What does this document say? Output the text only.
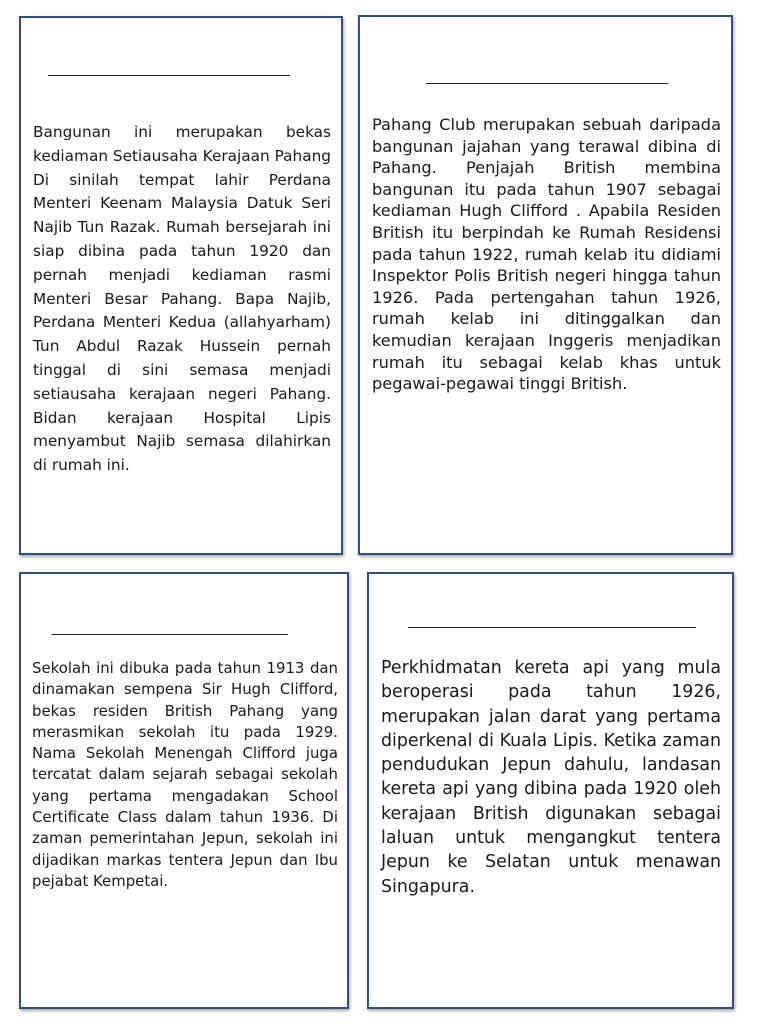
Bangunan ini merupakan bekas kediaman Setiausaha Kerajaan Pahang Di sinilah tempat lahir Perdana Menteri Keenam Malaysia Datuk Seri Najib Tun Razak. Rumah bersejarah ini siap dibina pada tahun 1920 dan pernah menjadi kediaman rasmi Menteri Besar Pahang. Bapa Najib, Perdana Menteri Kedua (allahyarham) Tun Abdul Razak Hussein pernah tinggal di sini semasa menjadi setiausaha kerajaan negeri Pahang. Bidan kerajaan Hospital Lipis menyambut Najib semasa dilahirkan di rumah ini.

Pahang Club merupakan sebuah daripada bangunan jajahan yang terawal dibina di Pahang. Penjajah British membina bangunan itu pada tahun 1907 sebagai kediaman Hugh Clifford . Apabila Residen British itu berpindah ke Rumah Residensi pada tahun 1922, rumah kelab itu didiami Inspektor Polis British negeri hingga tahun 1926. Pada pertengahan tahun 1926, rumah kelab ini ditinggalkan dan kemudian kerajaan Inggeris menjadikan rumah itu sebagai kelab khas untuk pegawai-pegawai tinggi British.

Sekolah ini dibuka pada tahun 1913 dan dinamakan sempena Sir Hugh Clifford, bekas residen British Pahang yang merasmikan sekolah itu pada 1929. Nama Sekolah Menengah Clifford juga tercatat dalam sejarah sebagai sekolah yang pertama mengadakan School Certificate Class dalam tahun 1936. Di zaman pemerintahan Jepun, sekolah ini dijadikan markas tentera Jepun dan Ibu pejabat Kempetai.

Perkhidmatan kereta api yang mula beroperasi pada tahun 1926, merupakan jalan darat yang pertama diperkenal di Kuala Lipis. Ketika zaman pendudukan Jepun dahulu, landasan kereta api yang dibina pada 1920 oleh kerajaan British digunakan sebagai laluan untuk mengangkut tentera Jepun ke Selatan untuk menawan Singapura.
